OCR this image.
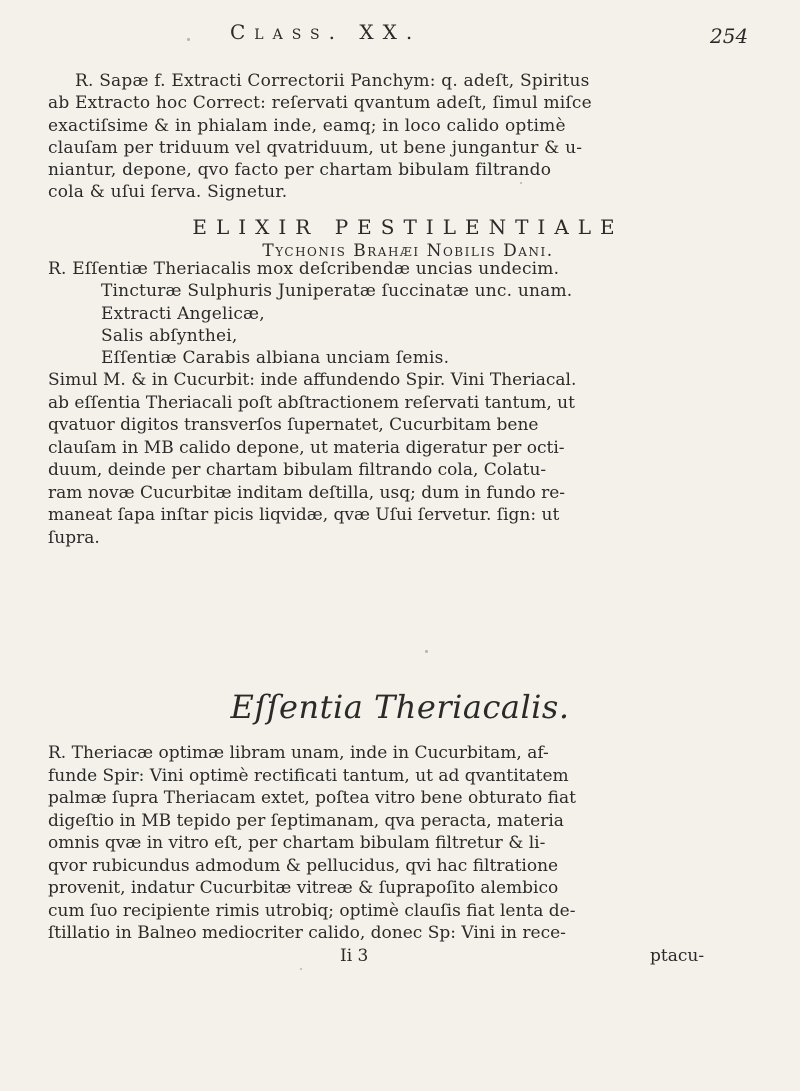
Class. XX.	254
R. Sapæ f. Extracti Correctorii Panchym: q. adeſt, Spiritus
ab Extracto hoc Correct: reſervati qvantum adeſt, ſimul miſce
exactiſsime & in phialam inde, eamq; in loco calido optimè
clauſam per triduum vel qvatriduum, ut bene jungantur & u-
niantur, depone, qvo facto per chartam bibulam filtrando
cola & uſui ſerva. Signetur.
ELIXIR PESTILENTIALE
Tychonis Brahæi Nobilis Dani.
R. Eſſentiæ Theriacalis mox deſcribendæ uncias undecim.
Tincturæ Sulphuris Juniperatæ ſuccinatæ unc. unam.
Extracti Angelicæ,
Salis abſynthei,
Eſſentiæ Carabis albiana unciam ſemis.
Simul M. & in Cucurbit: inde affundendo Spir. Vini Theriacal.
ab eſſentia Theriacali poſt abſtractionem reſervati tantum, ut
qvatuor digitos transverſos ſupernatet, Cucurbitam bene
clauſam in MB calido depone, ut materia digeratur per octi-
duum, deinde per chartam bibulam filtrando cola, Colatu-
ram novæ Cucurbitæ inditam deſtilla, usq; dum in fundo re-
maneat ſapa inſtar picis liqvidæ, qvæ Uſui ſervetur. ſign: ut
ſupra.
Eſſentia Theriacalis.
R. Theriacæ optimæ libram unam, inde in Cucurbitam, af-
funde Spir: Vini optimè rectificati tantum, ut ad qvantitatem
palmæ ſupra Theriacam extet, poſtea vitro bene obturato fiat
digeſtio in MB tepido per ſeptimanam, qva peracta, materia
omnis qvæ in vitro eſt, per chartam bibulam filtretur & li-
qvor rubicundus admodum & pellucidus, qvi hac filtratione
provenit, indatur Cucurbitæ vitreæ & ſuprapoſito alembico
cum ſuo recipiente rimis utrobiq; optimè clauſis fiat lenta de-
ſtillatio in Balneo mediocriter calido, donec Sp: Vini in rece-
Ii 3	ptacu-
